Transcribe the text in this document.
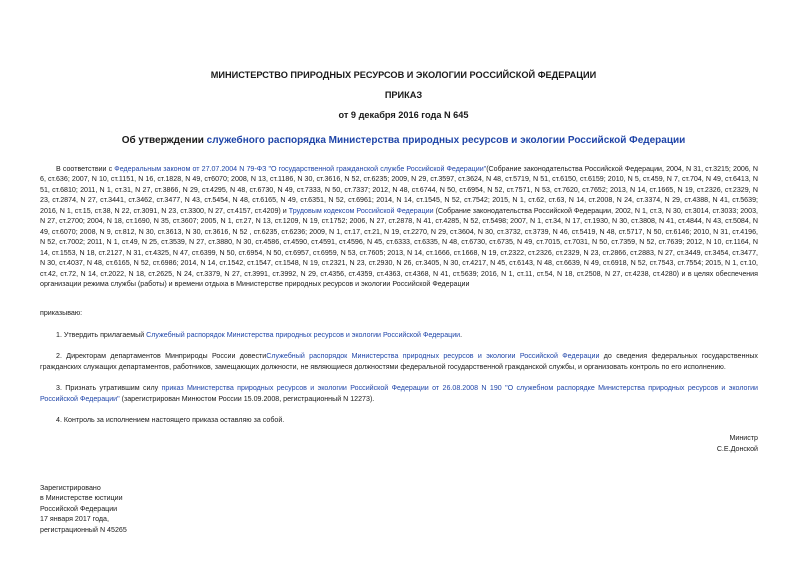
МИНИСТЕРСТВО ПРИРОДНЫХ РЕСУРСОВ И ЭКОЛОГИИ РОССИЙСКОЙ ФЕДЕРАЦИИ
ПРИКАЗ
от 9 декабря 2016 года N 645
Об утверждении служебного распорядка Министерства природных ресурсов и экологии Российской Федерации

В соответствии с Федеральным законом от 27.07.2004 N 79-ФЗ "О государственной гражданской службе Российской Федерации"(Собрание законодательства Российской Федерации, 2004, N 31, ст.3215; 2006, N 6, ст.636; 2007, N 10, ст.1151, N 16, ст.1828, N 49, ст6070; 2008, N 13, ст.1186, N 30, ст.3616, N 52, ст.6235; 2009, N 29, ст.3597, ст.3624, N 48, ст.5719, N 51, ст.6150, ст.6159; 2010, N 5, ст.459, N 7, ст.704, N 49, ст.6413, N 51, ст.6810; 2011, N 1, ст.31, N 27, ст.3866, N 29, ст.4295, N 48, ст.6730, N 49, ст.7333, N 50, ст.7337; 2012, N 48, ст.6744, N 50, ст.6954, N 52, ст.7571, N 53, ст.7620, ст.7652; 2013, N 14, ст.1665, N 19, ст.2326, ст.2329, N 23, ст.2874, N 27, ст.3441, ст.3462, ст.3477, N 43, ст.5454, N 48, ст.6165, N 49, ст.6351, N 52, ст.6961; 2014, N 14, ст.1545, N 52, ст.7542; 2015, N 1, ст.62, ст.63, N 14, ст.2008, N 24, ст.3374, N 29, ст.4388, N 41, ст.5639; 2016, N 1, ст.15, ст.38, N 22, ст.3091, N 23, ст.3300, N 27, ст.4157, ст.4209) и Трудовым кодексом Российской Федерации (Собрание законодательства Российской Федерации, 2002, N 1, ст.3, N 30, ст.3014, ст.3033; 2003, N 27, ст.2700; 2004, N 18, ст.1690, N 35, ст.3607; 2005, N 1, ст.27, N 13, ст.1209, N 19, ст.1752; 2006, N 27, ст.2878, N 41, ст.4285, N 52, ст.5498; 2007, N 1, ст.34, N 17, ст.1930, N 30, ст.3808, N 41, ст.4844, N 43, ст.5084, N 49, ст.6070; 2008, N 9, ст.812, N 30, ст.3613, N 30, ст.3616, N 52 , ст.6235, ст.6236; 2009, N 1, ст.17, ст.21, N 19, ст.2270, N 29, ст.3604, N 30, ст.3732, ст.3739, N 46, ст.5419, N 48, ст.5717, N 50, ст.6146; 2010, N 31, ст.4196, N 52, ст.7002; 2011, N 1, ст.49, N 25, ст.3539, N 27, ст.3880, N 30, ст.4586, ст.4590, ст.4591, ст.4596, N 45, ст.6333, ст.6335, N 48, ст.6730, ст.6735, N 49, ст.7015, ст.7031, N 50, ст.7359, N 52, ст.7639; 2012, N 10, ст.1164, N 14, ст.1553, N 18, ст.2127, N 31, ст.4325, N 47, ст.6399, N 50, ст.6954, N 50, ст.6957, ст.6959, N 53, ст.7605; 2013, N 14, ст.1666, ст.1668, N 19, ст.2322, ст.2326, ст.2329, N 23, ст.2866, ст.2883, N 27, ст.3449, ст.3454, ст.3477, N 30, ст.4037, N 48, ст.6165, N 52, ст.6986; 2014, N 14, ст.1542, ст.1547, ст.1548, N 19, ст.2321, N 23, ст.2930, N 26, ст.3405, N 30, ст.4217, N 45, ст.6143, N 48, ст.6639, N 49, ст.6918, N 52, ст.7543, ст.7554; 2015, N 1, ст.10, ст.42, ст.72, N 14, ст.2022, N 18, ст.2625, N 24, ст.3379, N 27, ст.3991, ст.3992, N 29, ст.4356, ст.4359, ст.4363, ст.4368, N 41, ст.5639; 2016, N 1, ст.11, ст.54, N 18, ст.2508, N 27, ст.4238, ст.4280) и в целях обеспечения организации режима службы (работы) и времени отдыха в Министерстве природных ресурсов и экологии Российской Федерации

приказываю:

1. Утвердить прилагаемый Служебный распорядок Министерства природных ресурсов и экологии Российской Федерации.

2. Директорам департаментов Минприроды России довестиСлужебный распорядок Министерства природных ресурсов и экологии Российской Федерации до сведения федеральных государственных гражданских служащих департаментов, работников, замещающих должности, не являющиеся должностями федеральной государственной гражданской службы, и организовать контроль по его исполнению.

3. Признать утратившим силу приказ Министерства природных ресурсов и экологии Российской Федерации от 26.08.2008 N 190 "О служебном распорядке Министерства природных ресурсов и экологии Российской Федерации" (зарегистрирован Минюстом России 15.09.2008, регистрационный N 12273).

4. Контроль за исполнением настоящего приказа оставляю за собой.

Министр
С.Е.Донской
Зарегистрировано
в Министерстве юстиции
Российской Федерации
17 января 2017 года,
регистрационный N 45265
